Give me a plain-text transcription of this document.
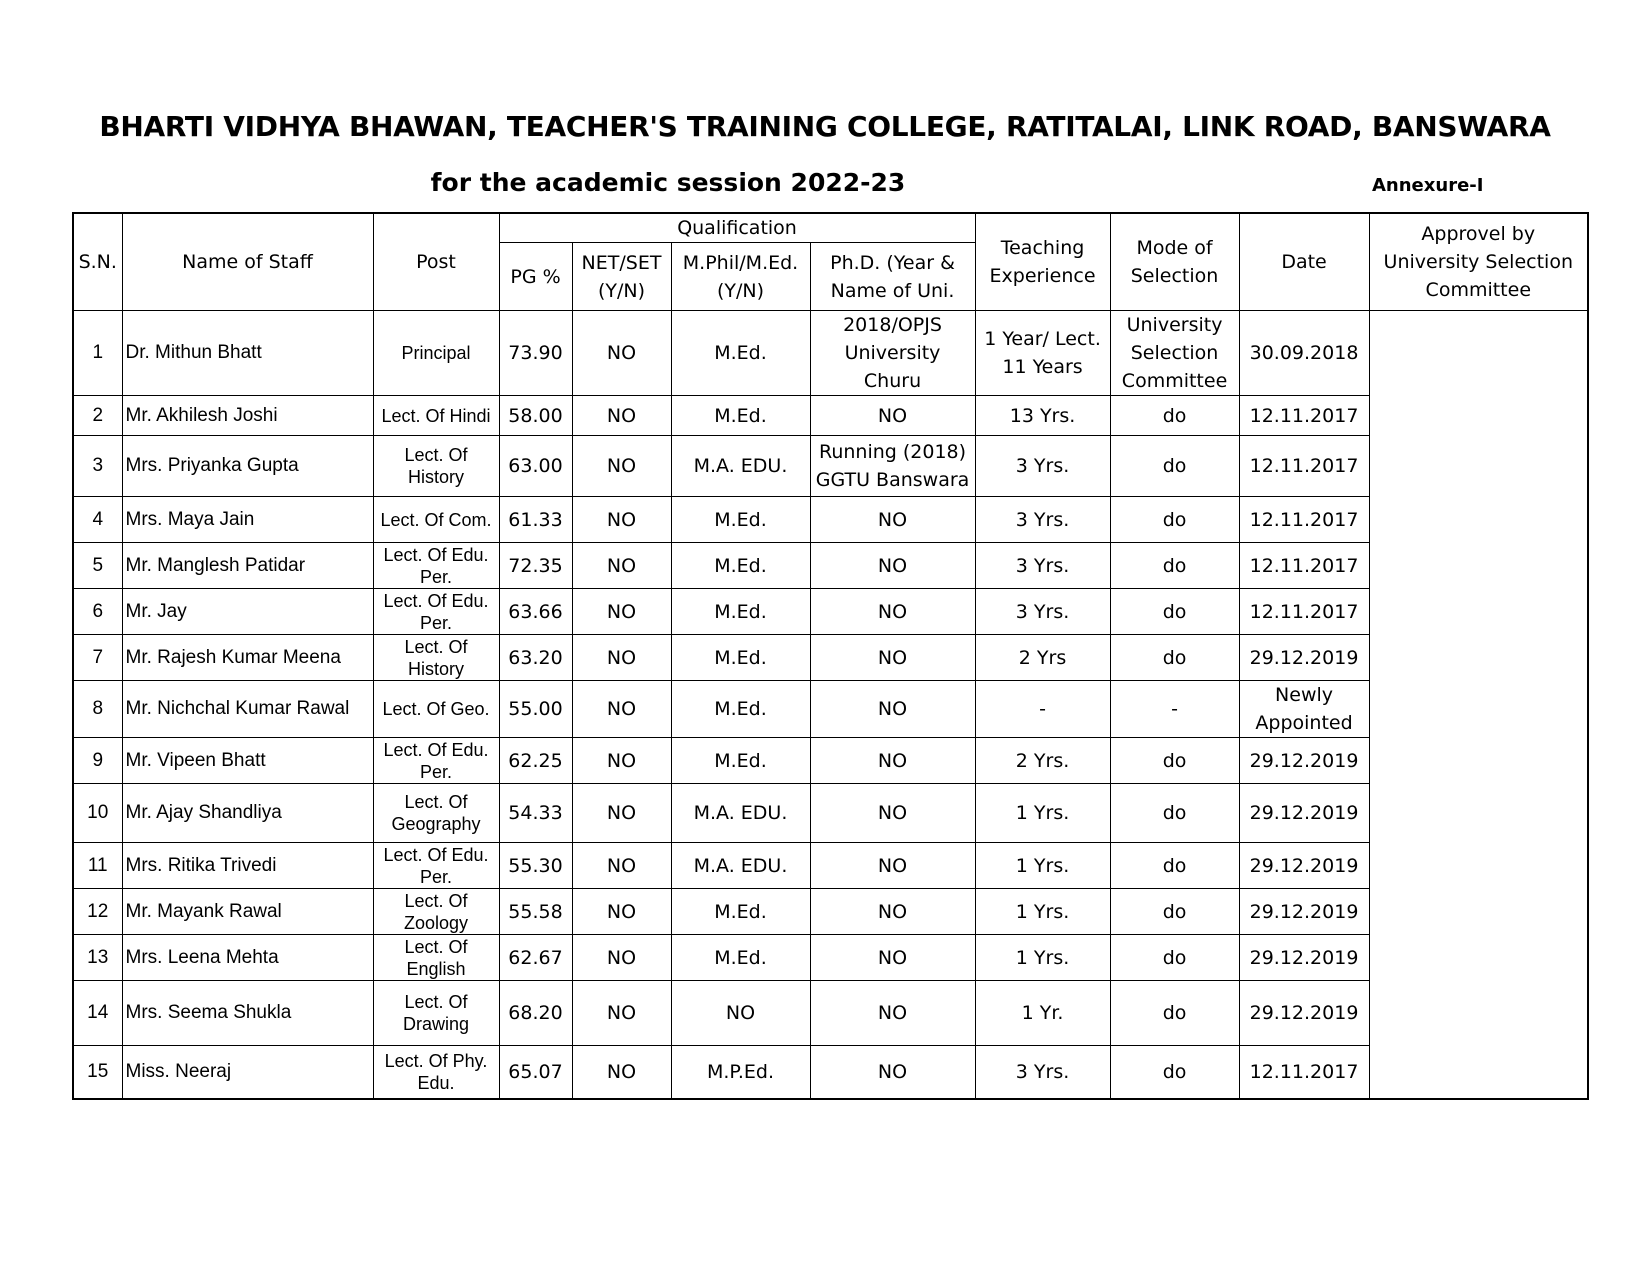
BHARTI VIDHYA BHAWAN, TEACHER'S TRAINING COLLEGE, RATITALAI, LINK ROAD, BANSWARA
for the academic session 2022-23	Annexure-I
S.N.	Name of Staff	Post	Qualification				Teaching Experience	Mode of Selection	Date	Approvel by University Selection Committee
			PG %	NET/SET (Y/N)	M.Phil/M.Ed. (Y/N)	Ph.D. (Year & Name of Uni.				
1	Dr. Mithun Bhatt	Principal	73.90	NO	M.Ed.	2018/OPJS University Churu	1 Year/ Lect. 11 Years	University Selection Committee	30.09.2018	
2	Mr. Akhilesh Joshi	Lect. Of Hindi	58.00	NO	M.Ed.	NO	13 Yrs.	do	12.11.2017	
3	Mrs. Priyanka Gupta	Lect. Of History	63.00	NO	M.A. EDU.	Running (2018) GGTU Banswara	3 Yrs.	do	12.11.2017	
4	Mrs. Maya Jain	Lect. Of Com.	61.33	NO	M.Ed.	NO	3 Yrs.	do	12.11.2017	
5	Mr. Manglesh Patidar	Lect. Of Edu. Per.	72.35	NO	M.Ed.	NO	3 Yrs.	do	12.11.2017	
6	Mr. Jay	Lect. Of Edu. Per.	63.66	NO	M.Ed.	NO	3 Yrs.	do	12.11.2017	
7	Mr. Rajesh Kumar Meena	Lect. Of History	63.20	NO	M.Ed.	NO	2 Yrs	do	29.12.2019	
8	Mr. Nichchal Kumar Rawal	Lect. Of Geo.	55.00	NO	M.Ed.	NO	-	-	Newly Appointed	
9	Mr. Vipeen Bhatt	Lect. Of Edu. Per.	62.25	NO	M.Ed.	NO	2 Yrs.	do	29.12.2019	
10	Mr. Ajay Shandliya	Lect. Of Geography	54.33	NO	M.A. EDU.	NO	1 Yrs.	do	29.12.2019	
11	Mrs. Ritika Trivedi	Lect. Of Edu. Per.	55.30	NO	M.A. EDU.	NO	1 Yrs.	do	29.12.2019	
12	Mr. Mayank Rawal	Lect. Of Zoology	55.58	NO	M.Ed.	NO	1 Yrs.	do	29.12.2019	
13	Mrs. Leena Mehta	Lect. Of English	62.67	NO	M.Ed.	NO	1 Yrs.	do	29.12.2019	
14	Mrs. Seema Shukla	Lect. Of Drawing	68.20	NO	NO	NO	1 Yr.	do	29.12.2019	
15	Miss. Neeraj	Lect. Of Phy. Edu.	65.07	NO	M.P.Ed.	NO	3 Yrs.	do	12.11.2017	
